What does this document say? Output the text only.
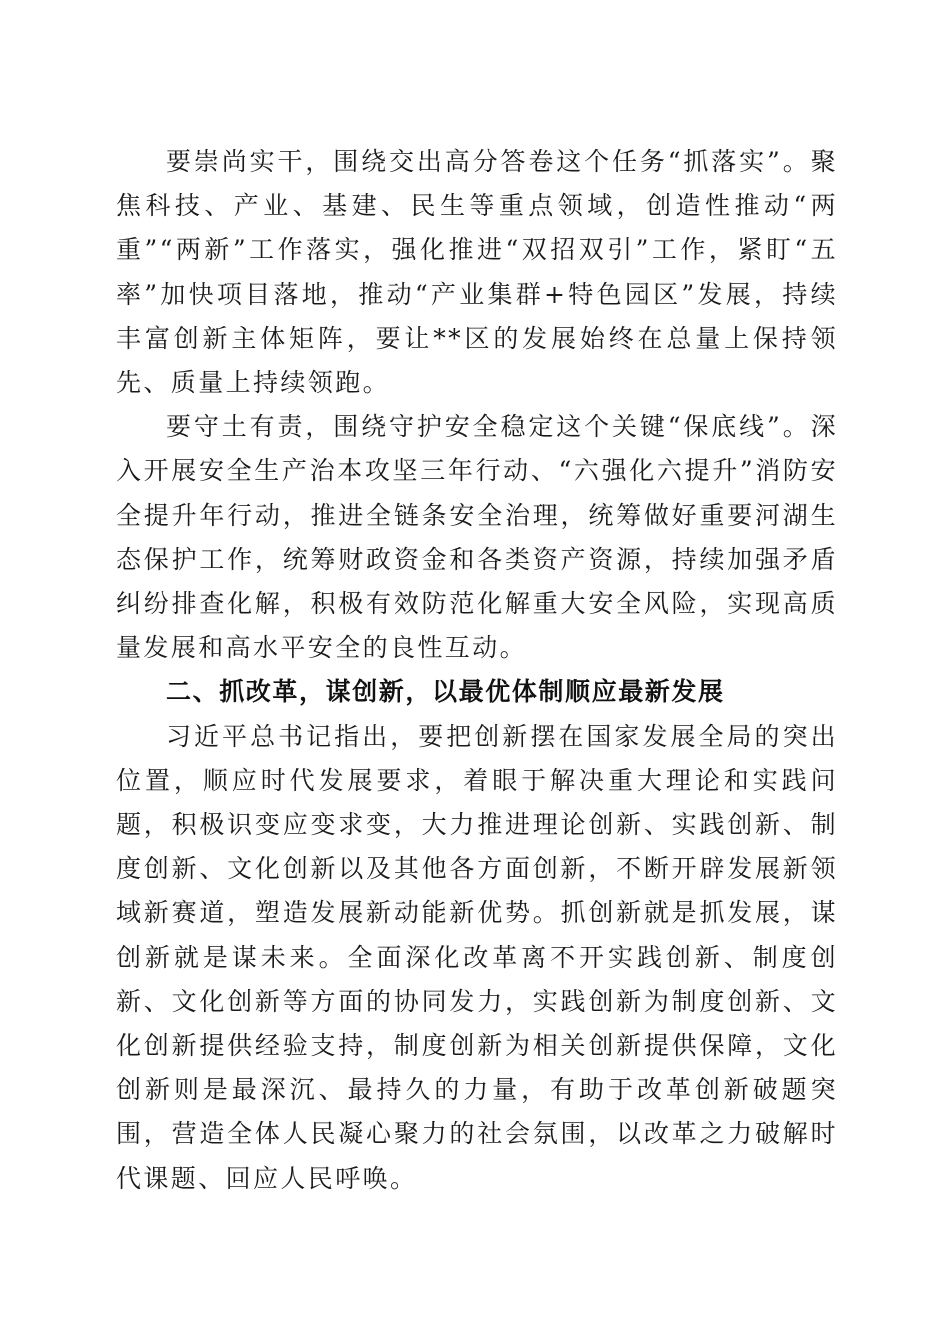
要崇尚实干，围绕交出高分答卷这个任务“抓落实”。聚焦科技、产业、基建、民生等重点领域，创造性推动“两重”“两新”工作落实，强化推进“双招双引”工作，紧盯“五率”加快项目落地，推动“产业集群+特色园区”发展，持续丰富创新主体矩阵，要让**区的发展始终在总量上保持领先、质量上持续领跑。

要守土有责，围绕守护安全稳定这个关键“保底线”。深入开展安全生产治本攻坚三年行动、“六强化六提升”消防安全提升年行动，推进全链条安全治理，统筹做好重要河湖生态保护工作，统筹财政资金和各类资产资源，持续加强矛盾纠纷排查化解，积极有效防范化解重大安全风险，实现高质量发展和高水平安全的良性互动。

二、抓改革，谋创新，以最优体制顺应最新发展

习近平总书记指出，要把创新摆在国家发展全局的突出位置，顺应时代发展要求，着眼于解决重大理论和实践问题，积极识变应变求变，大力推进理论创新、实践创新、制度创新、文化创新以及其他各方面创新，不断开辟发展新领域新赛道，塑造发展新动能新优势。抓创新就是抓发展，谋创新就是谋未来。全面深化改革离不开实践创新、制度创新、文化创新等方面的协同发力，实践创新为制度创新、文化创新提供经验支持，制度创新为相关创新提供保障，文化创新则是最深沉、最持久的力量，有助于改革创新破题突围，营造全体人民凝心聚力的社会氛围，以改革之力破解时代课题、回应人民呼唤。
